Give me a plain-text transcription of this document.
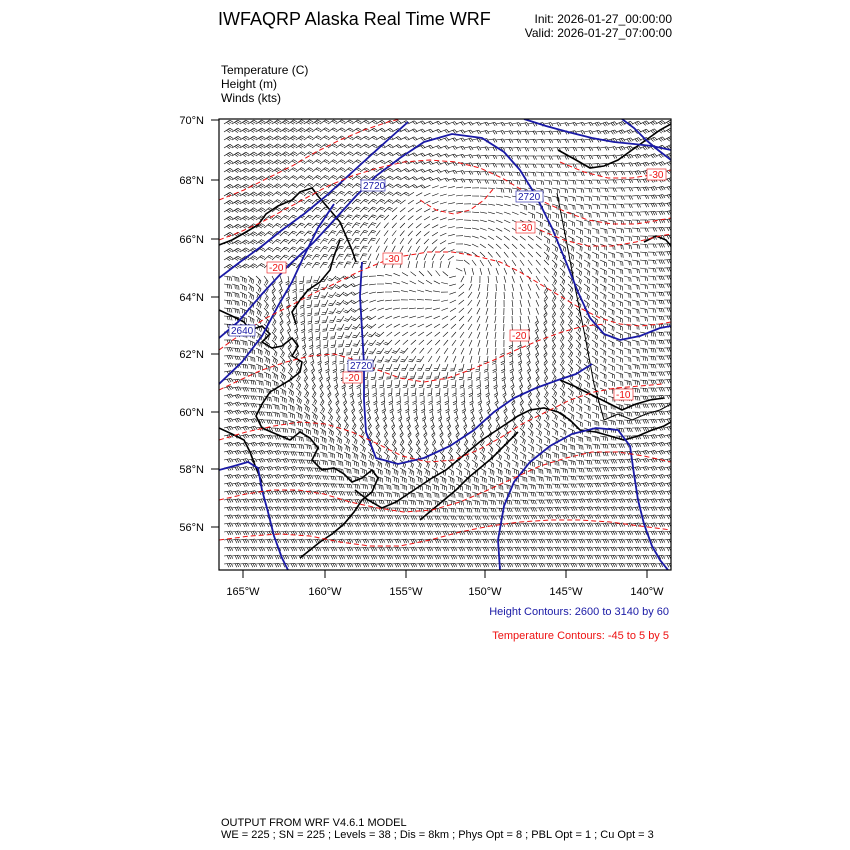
IWFAQRP Alaska Real Time WRF	Init: 2026-01-27_00:00:00
Valid: 2026-01-27_07:00:00
Temperature (C)
Height (m)
Winds (kts)
2720
2720
2720
2640
-30
-30
-30
-20
-20
-20
-10
70°N
68°N
66°N
64°N
62°N
60°N
58°N
56°N
165°W	160°W	155°W	150°W	145°W	140°W
Height Contours: 2600 to 3140 by 60
Temperature Contours: -45 to 5 by 5
OUTPUT FROM WRF V4.6.1 MODEL
WE = 225 ; SN = 225 ; Levels = 38 ; Dis = 8km ; Phys Opt = 8 ; PBL Opt = 1 ; Cu Opt = 3
